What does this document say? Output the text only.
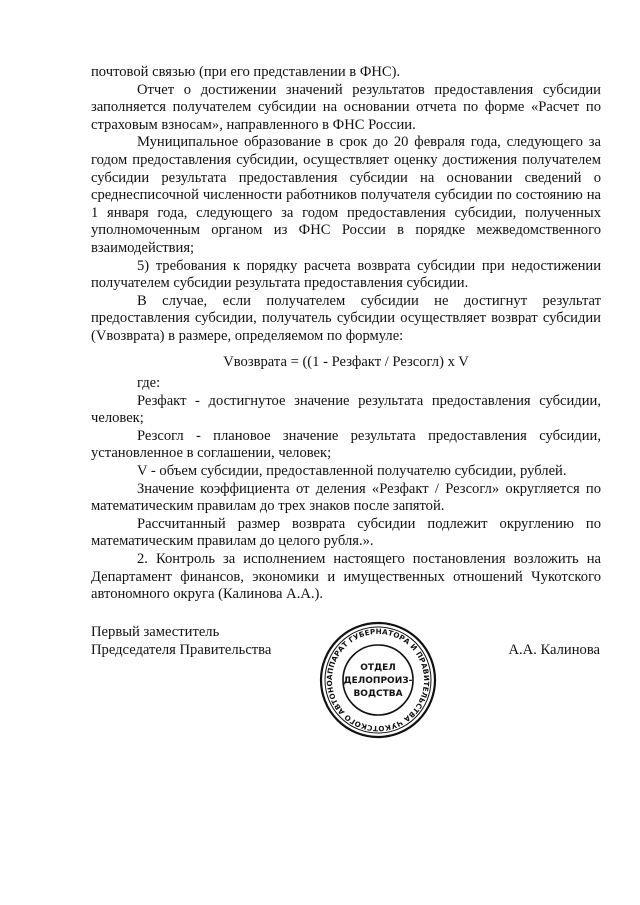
почтовой связью (при его представлении в ФНС).

Отчет о достижении значений результатов предоставления субсидии заполняется получателем субсидии на основании отчета по форме «Расчет по страховым взносам», направленного в ФНС России.

Муниципальное образование в срок до 20 февраля года, следующего за годом предоставления субсидии, осуществляет оценку достижения получателем субсидии результата предоставления субсидии на основании сведений о среднесписочной численности работников получателя субсидии по состоянию на 1 января года, следующего за годом предоставления субсидии, полученных уполномоченным органом из ФНС России в порядке межведомственного взаимодействия;

5) требования к порядку расчета возврата субсидии при недостижении получателем субсидии результата предоставления субсидии.

В случае, если получателем субсидии не достигнут результат предоставления субсидии, получатель субсидии осуществляет возврат субсидии (Vвозврата) в размере, определяемом по формуле:

Vвозврата = ((1 - Резфакт / Резсогл) x V

где:

Резфакт - достигнутое значение результата предоставления субсидии, человек;

Резсогл - плановое значение результата предоставления субсидии, установленное в соглашении, человек;

V - объем субсидии, предоставленной получателю субсидии, рублей.

Значение коэффициента от деления «Резфакт / Резсогл» округляется по математическим правилам до трех знаков после запятой.

Рассчитанный размер возврата субсидии подлежит округлению по математическим правилам до целого рубля.».

2. Контроль за исполнением настоящего постановления возложить на Департамент финансов, экономики и имущественных отношений Чукотского автономного округа (Калинова А.А.).

Первый заместитель
Председателя Правительства	А.А. Калинова
АППАРАТ ГУБЕРНАТОРА И ПРАВИТЕЛЬСТВА ЧУКОТСКОГО АВТОНО
ОТДЕЛ
ДЕЛОПРОИЗ-
ВОДСТВА
